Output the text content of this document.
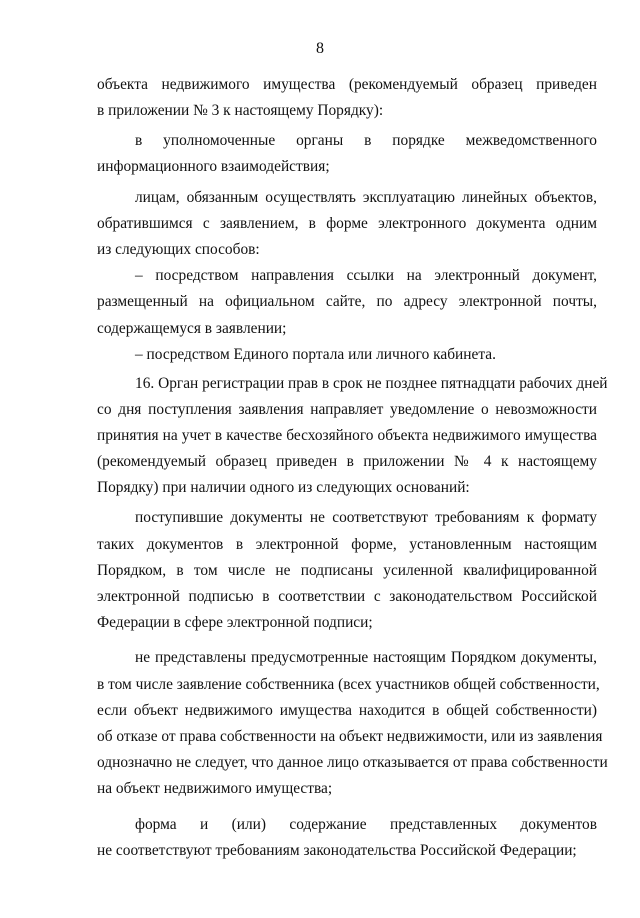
8
объекта недвижимого имущества (рекомендуемый образец приведен
в приложении № 3 к настоящему Порядку):
в уполномоченные органы в порядке межведомственного
информационного взаимодействия;
лицам, обязанным осуществлять эксплуатацию линейных объектов,
обратившимся с заявлением, в форме электронного документа одним
из следующих способов:
– посредством направления ссылки на электронный документ,
размещенный на официальном сайте, по адресу электронной почты,
содержащемуся в заявлении;
– посредством Единого портала или личного кабинета.
16. Орган регистрации прав в срок не позднее пятнадцати рабочих дней
со дня поступления заявления направляет уведомление о невозможности
принятия на учет в качестве бесхозяйного объекта недвижимого имущества
(рекомендуемый образец приведен в приложении № 4 к настоящему
Порядку) при наличии одного из следующих оснований:
поступившие документы не соответствуют требованиям к формату
таких документов в электронной форме, установленным настоящим
Порядком, в том числе не подписаны усиленной квалифицированной
электронной подписью в соответствии с законодательством Российской
Федерации в сфере электронной подписи;
не представлены предусмотренные настоящим Порядком документы,
в том числе заявление собственника (всех участников общей собственности,
если объект недвижимого имущества находится в общей собственности)
об отказе от права собственности на объект недвижимости, или из заявления
однозначно не следует, что данное лицо отказывается от права собственности
на объект недвижимого имущества;
форма и (или) содержание представленных документов
не соответствуют требованиям законодательства Российской Федерации;
